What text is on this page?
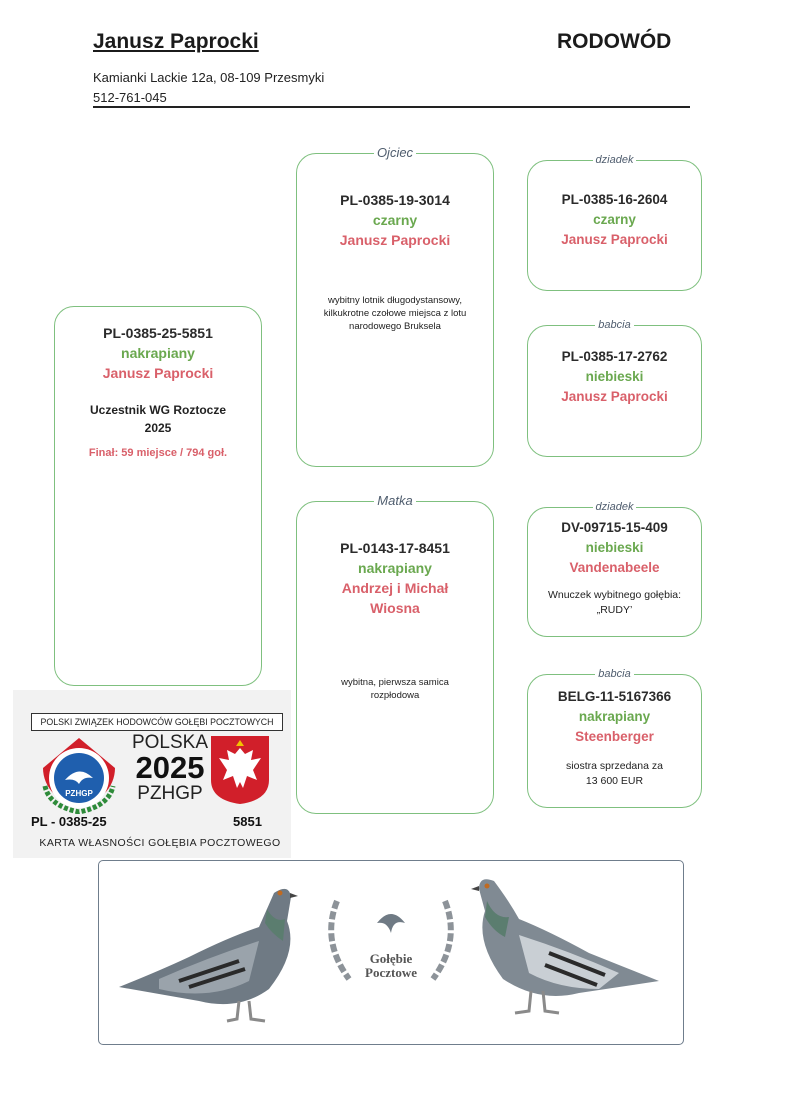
Janusz Paprocki	RODOWÓD
Kamianki Lackie 12a, 08-109 Przesmyki
512-761-045
PL-0385-25-5851
nakrapiany
Janusz Paprocki
Uczestnik WG Roztocze
2025
Finał: 59 miejsce / 794 goł.
Ojciec
PL-0385-19-3014
czarny
Janusz Paprocki
wybitny lotnik długodystansowy,
kilkukrotne czołowe miejsca z lotu
narodowego Bruksela
Matka
PL-0143-17-8451
nakrapiany
Andrzej i Michał
Wiosna
wybitna, pierwsza samica
rozpłodowa
dziadek
PL-0385-16-2604
czarny
Janusz Paprocki
babcia
PL-0385-17-2762
niebieski
Janusz Paprocki
dziadek
DV-09715-15-409
niebieski
Vandenabeele
Wnuczek wybitnego gołębia:
„RUDY’
babcia
BELG-11-5167366
nakrapiany
Steenberger
siostra sprzedana za
13 600 EUR
POLSKI ZWIĄZEK HODOWCÓW GOŁĘBI POCZTOWYCH
PZHGP
POLSKA
2025
PZHGP
PL - 0385-25	5851
KARTA WŁASNOŚCI GOŁĘBIA POCZTOWEGO
Gołębie
Pocztowe
